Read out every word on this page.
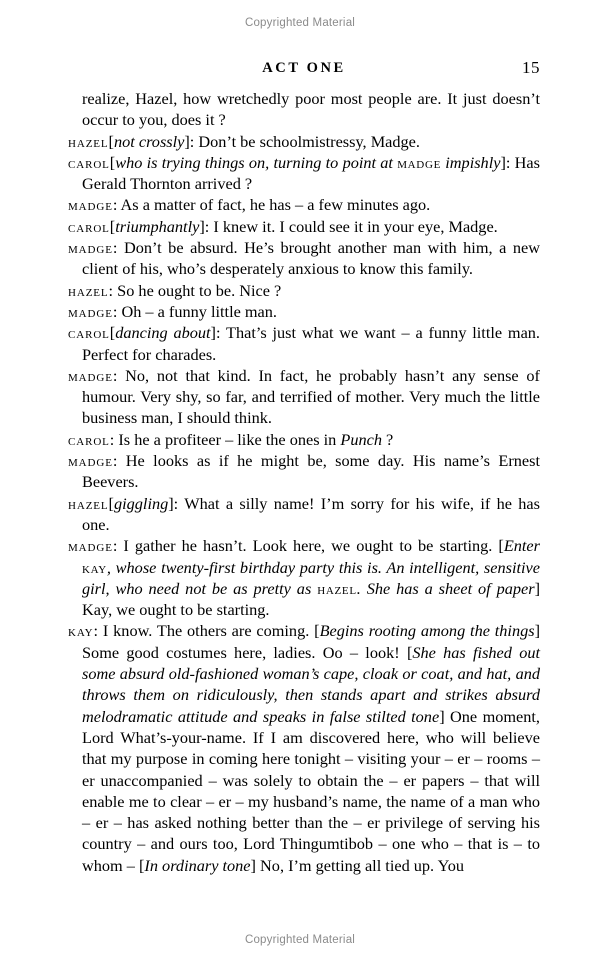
Copyrighted Material
ACT ONE	15

realize, Hazel, how wretchedly poor most people are. It just doesn’t occur to you, does it ?

hazel[not crossly]: Don’t be schoolmistressy, Madge.

carol[who is trying things on, turning to point at madge impishly]: Has Gerald Thornton arrived ?

madge: As a matter of fact, he has – a few minutes ago.

carol[triumphantly]: I knew it. I could see it in your eye, Madge.

madge: Don’t be absurd. He’s brought another man with him, a new client of his, who’s desperately anxious to know this family.

hazel: So he ought to be. Nice ?

madge: Oh – a funny little man.

carol[dancing about]: That’s just what we want – a funny little man. Perfect for charades.

madge: No, not that kind. In fact, he probably hasn’t any sense of humour. Very shy, so far, and terrified of mother. Very much the little business man, I should think.

carol: Is he a profiteer – like the ones in Punch ?

madge: He looks as if he might be, some day. His name’s Ernest Beevers.

hazel[giggling]: What a silly name! I’m sorry for his wife, if he has one.

madge: I gather he hasn’t. Look here, we ought to be starting. [Enter kay, whose twenty-first birthday party this is. An intelligent, sensitive girl, who need not be as pretty as hazel. She has a sheet of paper] Kay, we ought to be starting.

kay: I know. The others are coming. [Begins rooting among the things] Some good costumes here, ladies. Oo – look! [She has fished out some absurd old-fashioned woman’s cape, cloak or coat, and hat, and throws them on ridiculously, then stands apart and strikes absurd melodramatic attitude and speaks in false stilted tone] One moment, Lord What’s-your-name. If I am discovered here, who will believe that my purpose in coming here tonight – visiting your – er – rooms – er unaccompanied – was solely to obtain the – er papers – that will enable me to clear – er – my husband’s name, the name of a man who – er – has asked nothing better than the – er privilege of serving his country – and ours too, Lord Thingumtibob – one who – that is – to whom – [In ordinary tone] No, I’m getting all tied up. You

Copyrighted Material
